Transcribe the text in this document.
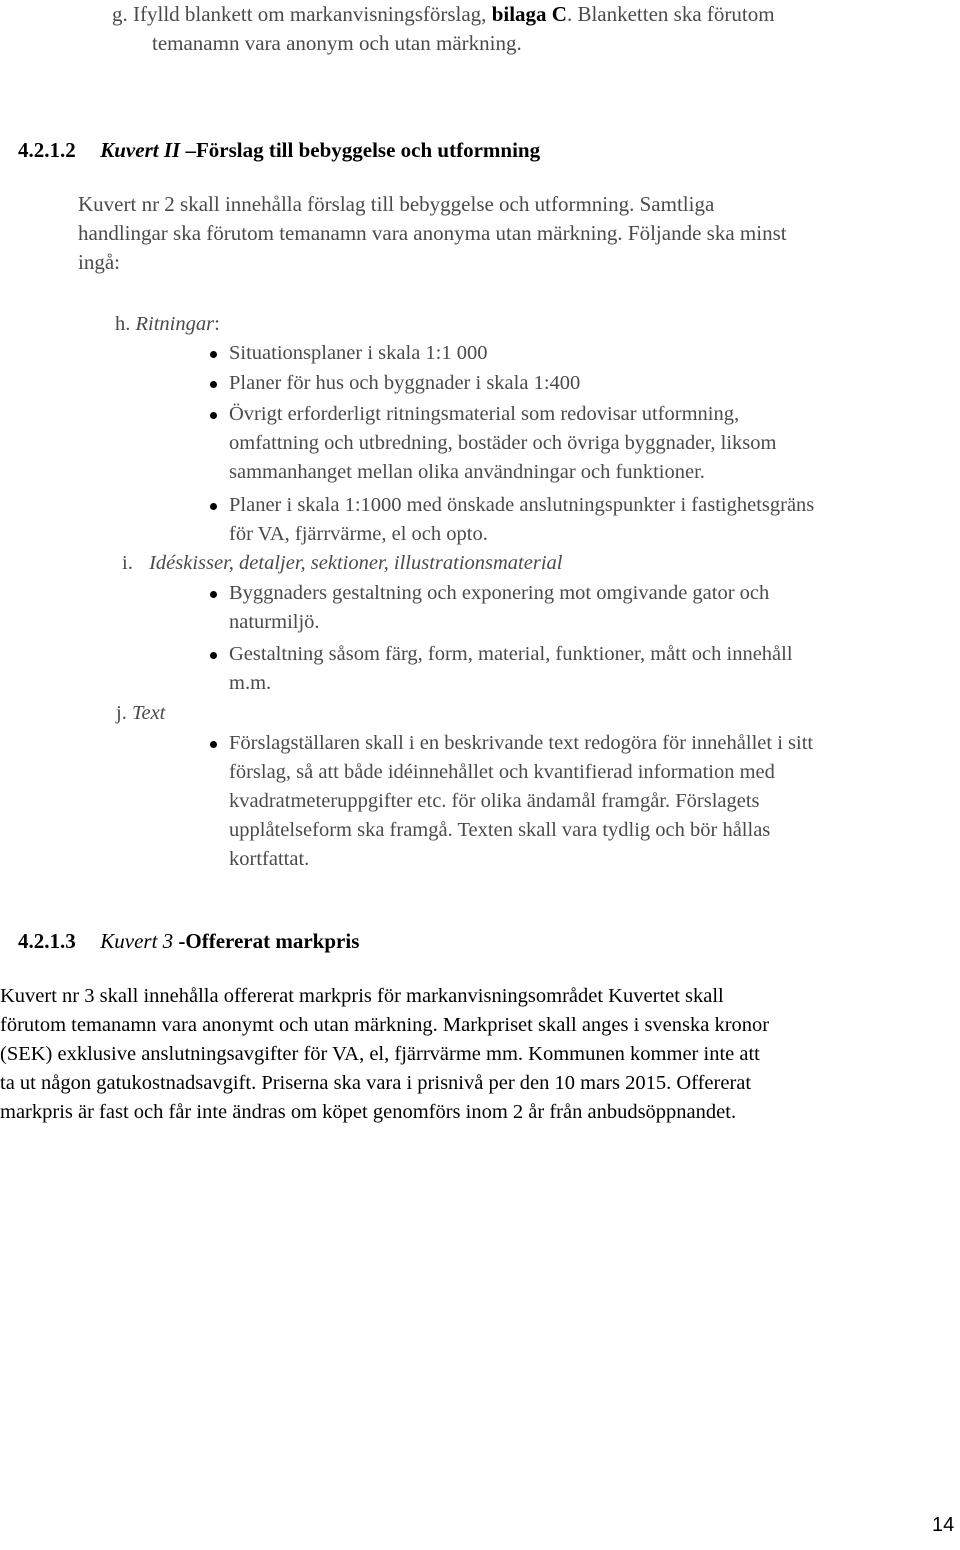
g. Ifylld blankett om markanvisningsförslag, bilaga C. Blanketten ska förutom
temanamn vara anonym och utan märkning.
4.2.1.2 Kuvert II –Förslag till bebyggelse och utformning
Kuvert nr 2 skall innehålla förslag till bebyggelse och utformning. Samtliga
handlingar ska förutom temanamn vara anonyma utan märkning. Följande ska minst
ingå:
h. Ritningar:
Situationsplaner i skala 1:1 000
Planer för hus och byggnader i skala 1:400
Övrigt erforderligt ritningsmaterial som redovisar utformning,
omfattning och utbredning, bostäder och övriga byggnader, liksom
sammanhanget mellan olika användningar och funktioner.
Planer i skala 1:1000 med önskade anslutningspunkter i fastighetsgräns
för VA, fjärrvärme, el och opto.
i. Idéskisser, detaljer, sektioner, illustrationsmaterial
Byggnaders gestaltning och exponering mot omgivande gator och
naturmiljö.
Gestaltning såsom färg, form, material, funktioner, mått och innehåll
m.m.
j. Text
Förslagställaren skall i en beskrivande text redogöra för innehållet i sitt
förslag, så att både idéinnehållet och kvantifierad information med
kvadratmeteruppgifter etc. för olika ändamål framgår. Förslagets
upplåtelseform ska framgå. Texten skall vara tydlig och bör hållas
kortfattat.
4.2.1.3 Kuvert 3 -Offererat markpris
Kuvert nr 3 skall innehålla offererat markpris för markanvisningsområdet Kuvertet skall
förutom temanamn vara anonymt och utan märkning. Markpriset skall anges i svenska kronor
(SEK) exklusive anslutningsavgifter för VA, el, fjärrvärme mm. Kommunen kommer inte att
ta ut någon gatukostnadsavgift. Priserna ska vara i prisnivå per den 10 mars 2015. Offererat
markpris är fast och får inte ändras om köpet genomförs inom 2 år från anbudsöppnandet.
14
